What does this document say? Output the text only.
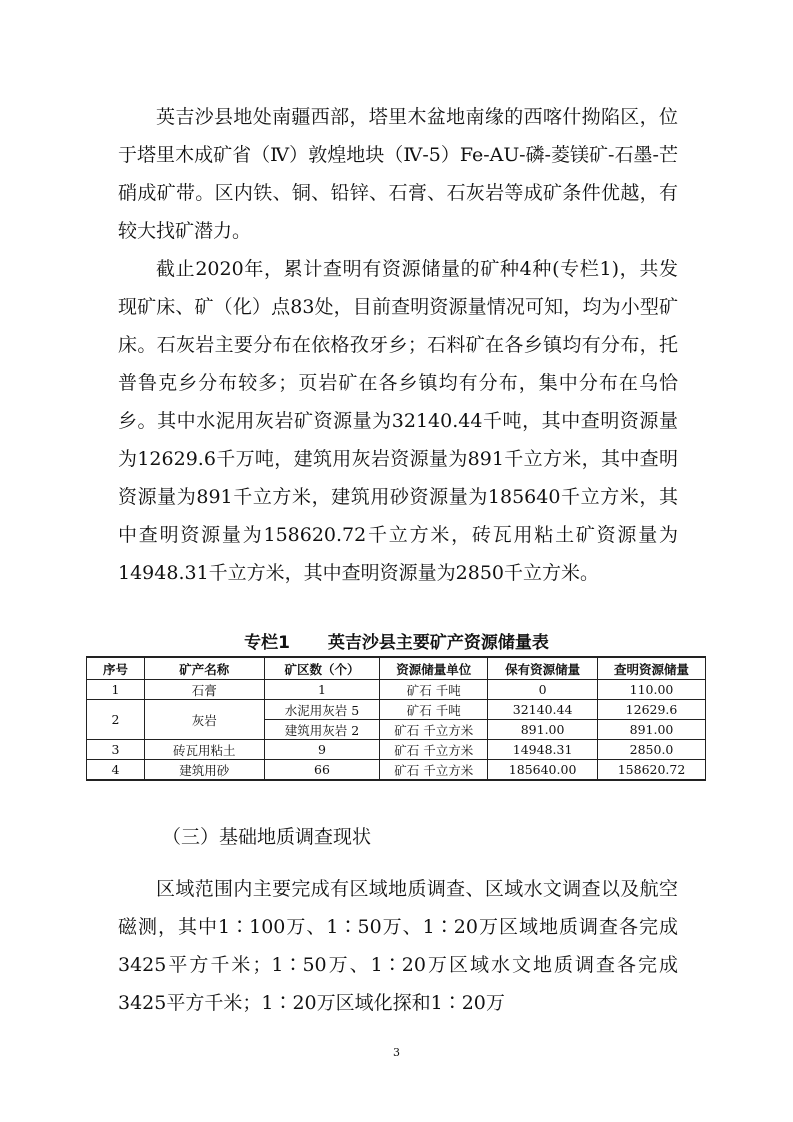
英吉沙县地处南疆西部，塔里木盆地南缘的西喀什拗陷区，位于塔里木成矿省（Ⅳ）敦煌地块（Ⅳ-5）Fe-AU-磷-菱镁矿-石墨-芒硝成矿带。区内铁、铜、铅锌、石膏、石灰岩等成矿条件优越，有较大找矿潜力。

截止2020年，累计查明有资源储量的矿种4种(专栏1)，共发现矿床、矿（化）点83处，目前查明资源量情况可知，均为小型矿床。石灰岩主要分布在依格孜牙乡；石料矿在各乡镇均有分布，托普鲁克乡分布较多；页岩矿在各乡镇均有分布，集中分布在乌恰乡。其中水泥用灰岩矿资源量为32140.44千吨，其中查明资源量为12629.6千万吨，建筑用灰岩资源量为891千立方米，其中查明资源量为891千立方米，建筑用砂资源量为185640千立方米，其中查明资源量为158620.72千立方米，砖瓦用粘土矿资源量为14948.31千立方米，其中查明资源量为2850千立方米。

专栏1 英吉沙县主要矿产资源储量表
序号	矿产名称	矿区数（个）	资源储量单位	保有资源储量	查明资源储量
1	石膏	1	矿石 千吨	0	110.00
2	灰岩	水泥用灰岩 5	矿石 千吨	32140.44	12629.6
		建筑用灰岩 2	矿石 千立方米	891.00	891.00
3	砖瓦用粘土	9	矿石 千立方米	14948.31	2850.0
4	建筑用砂	66	矿石 千立方米	185640.00	158620.72
（三）基础地质调查现状

区域范围内主要完成有区域地质调查、区域水文调查以及航空磁测，其中1∶100万、1∶50万、1∶20万区域地质调查各完成3425平方千米；1∶50万、1∶20万区域水文地质调查各完成3425平方千米；1∶20万区域化探和1∶20万

3
